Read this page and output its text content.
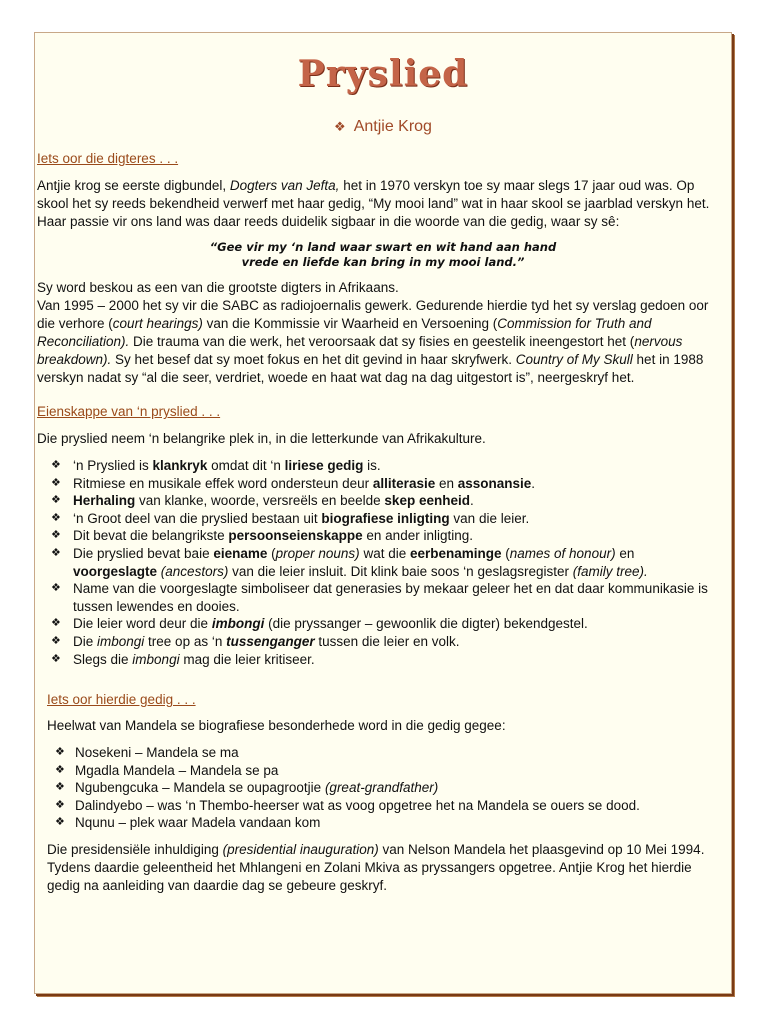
Pryslied
❖ Antjie Krog
Iets oor die digteres . . .

Antjie krog se eerste digbundel, Dogters van Jefta, het in 1970 verskyn toe sy maar slegs 17 jaar oud was. Op skool het sy reeds bekendheid verwerf met haar gedig, “My mooi land” wat in haar skool se jaarblad verskyn het. Haar passie vir ons land was daar reeds duidelik sigbaar in die woorde van die gedig, waar sy sê:

“Gee vir my ‘n land waar swart en wit hand aan hand
vrede en liefde kan bring in my mooi land.”

Sy word beskou as een van die grootste digters in Afrikaans.
Van 1995 – 2000 het sy vir die SABC as radiojoernalis gewerk. Gedurende hierdie tyd het sy verslag gedoen oor die verhore (court hearings) van die Kommissie vir Waarheid en Versoening (Commission for Truth and Reconciliation). Die trauma van die werk, het veroorsaak dat sy fisies en geestelik ineengestort het (nervous breakdown). Sy het besef dat sy moet fokus en het dit gevind in haar skryfwerk. Country of My Skull het in 1988 verskyn nadat sy “al die seer, verdriet, woede en haat wat dag na dag uitgestort is”, neergeskryf het.

Eienskappe van ‘n pryslied . . .

Die pryslied neem ‘n belangrike plek in, in die letterkunde van Afrikakulture.

❖ ‘n Pryslied is klankryk omdat dit ‘n liriese gedig is.
❖ Ritmiese en musikale effek word ondersteun deur alliterasie en assonansie.
❖ Herhaling van klanke, woorde, versreëls en beelde skep eenheid.
❖ ‘n Groot deel van die pryslied bestaan uit biografiese inligting van die leier.
❖ Dit bevat die belangrikste persoonseienskappe en ander inligting.
❖ Die pryslied bevat baie eiename (proper nouns) wat die eerbenaminge (names of honour) en voorgeslagte (ancestors) van die leier insluit. Dit klink baie soos ‘n geslagsregister (family tree).
❖ Name van die voorgeslagte simboliseer dat generasies by mekaar geleer het en dat daar kommunikasie is tussen lewendes en dooies.
❖ Die leier word deur die imbongi (die pryssanger – gewoonlik die digter) bekendgestel.
❖ Die imbongi tree op as ‘n tussenganger tussen die leier en volk.
❖ Slegs die imbongi mag die leier kritiseer.
Iets oor hierdie gedig . . .

Heelwat van Mandela se biografiese besonderhede word in die gedig gegee:

❖ Nosekeni – Mandela se ma
❖ Mgadla Mandela – Mandela se pa
❖ Ngubengcuka – Mandela se oupagrootjie (great-grandfather)
❖ Dalindyebo – was ‘n Thembo-heerser wat as voog opgetree het na Mandela se ouers se dood.
❖ Nqunu – plek waar Madela vandaan kom

Die presidensiële inhuldiging (presidential inauguration) van Nelson Mandela het plaasgevind op 10 Mei 1994. Tydens daardie geleentheid het Mhlangeni en Zolani Mkiva as pryssangers opgetree. Antjie Krog het hierdie gedig na aanleiding van daardie dag se gebeure geskryf.
